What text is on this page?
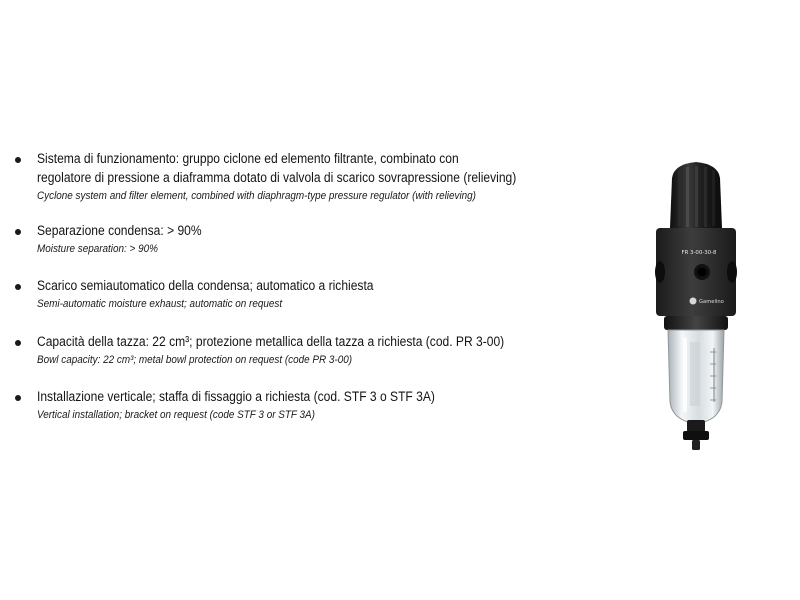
Sistema di funzionamento: gruppo ciclone ed elemento filtrante, combinato con
regolatore di pressione a diaframma dotato di valvola di scarico sovrapressione (relieving)
Cyclone system and filter element, combined with diaphragm-type pressure regulator (with relieving)
Separazione condensa: > 90%
Moisture separation: > 90%
Scarico semiautomatico della condensa; automatico a richiesta
Semi-automatic moisture exhaust; automatic on request
Capacità della tazza: 22 cm³; protezione metallica della tazza a richiesta (cod. PR 3-00)
Bowl capacity: 22 cm³; metal bowl protection on request (code PR 3-00)
Installazione verticale; staffa di fissaggio a richiesta (cod. STF 3 o STF 3A)
Vertical installation; bracket on request (code STF 3 or STF 3A)
FR 3-00-30-8
Gamelino
